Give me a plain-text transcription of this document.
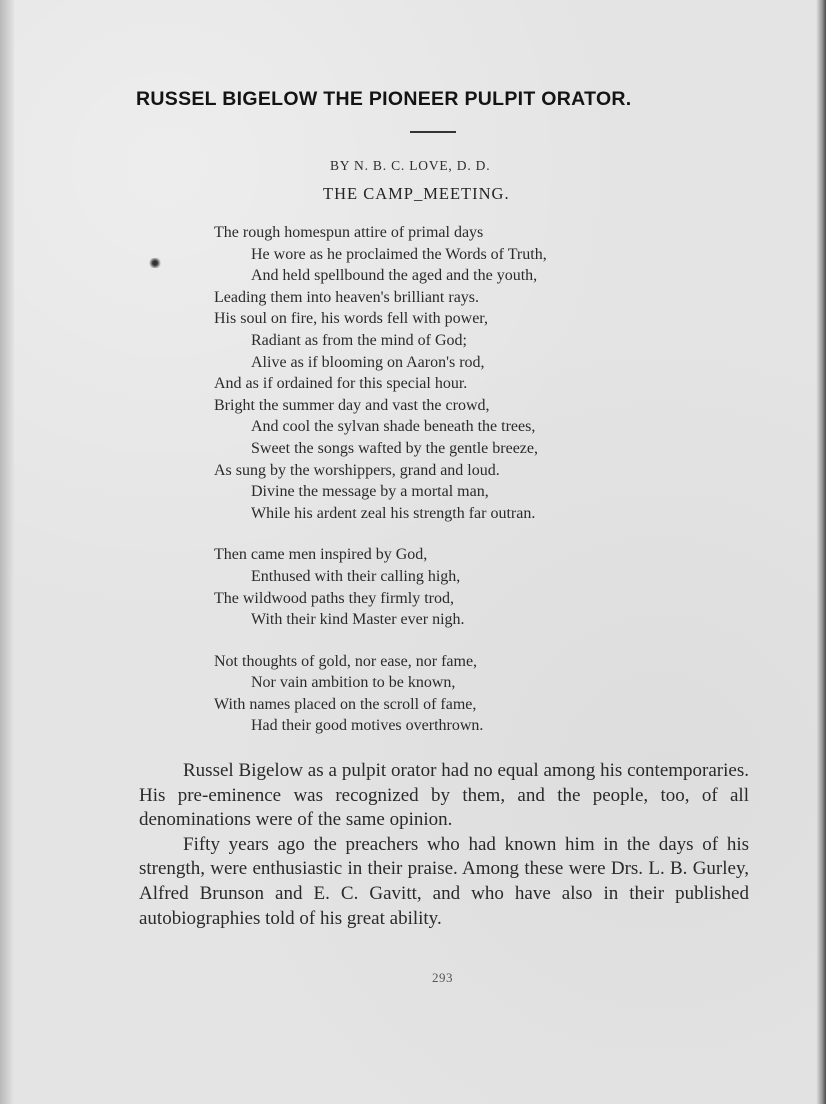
RUSSEL BIGELOW THE PIONEER PULPIT ORATOR.
BY N. B. C. LOVE, D. D.
THE CAMP_MEETING.
The rough homespun attire of primal days
He wore as he proclaimed the Words of Truth,
And held spellbound the aged and the youth,
Leading them into heaven's brilliant rays.
His soul on fire, his words fell with power,
Radiant as from the mind of God;
Alive as if blooming on Aaron's rod,
And as if ordained for this special hour.
Bright the summer day and vast the crowd,
And cool the sylvan shade beneath the trees,
Sweet the songs wafted by the gentle breeze,
As sung by the worshippers, grand and loud.
Divine the message by a mortal man,
While his ardent zeal his strength far outran.
Then came men inspired by God,
Enthused with their calling high,
The wildwood paths they firmly trod,
With their kind Master ever nigh.
Not thoughts of gold, nor ease, nor fame,
Nor vain ambition to be known,
With names placed on the scroll of fame,
Had their good motives overthrown.

Russel Bigelow as a pulpit orator had no equal among his contemporaries. His pre-eminence was recognized by them, and the people, too, of all denominations were of the same opinion.

Fifty years ago the preachers who had known him in the days of his strength, were enthusiastic in their praise. Among these were Drs. L. B. Gurley, Alfred Brunson and E. C. Gavitt, and who have also in their published autobiographies told of his great ability.

293
